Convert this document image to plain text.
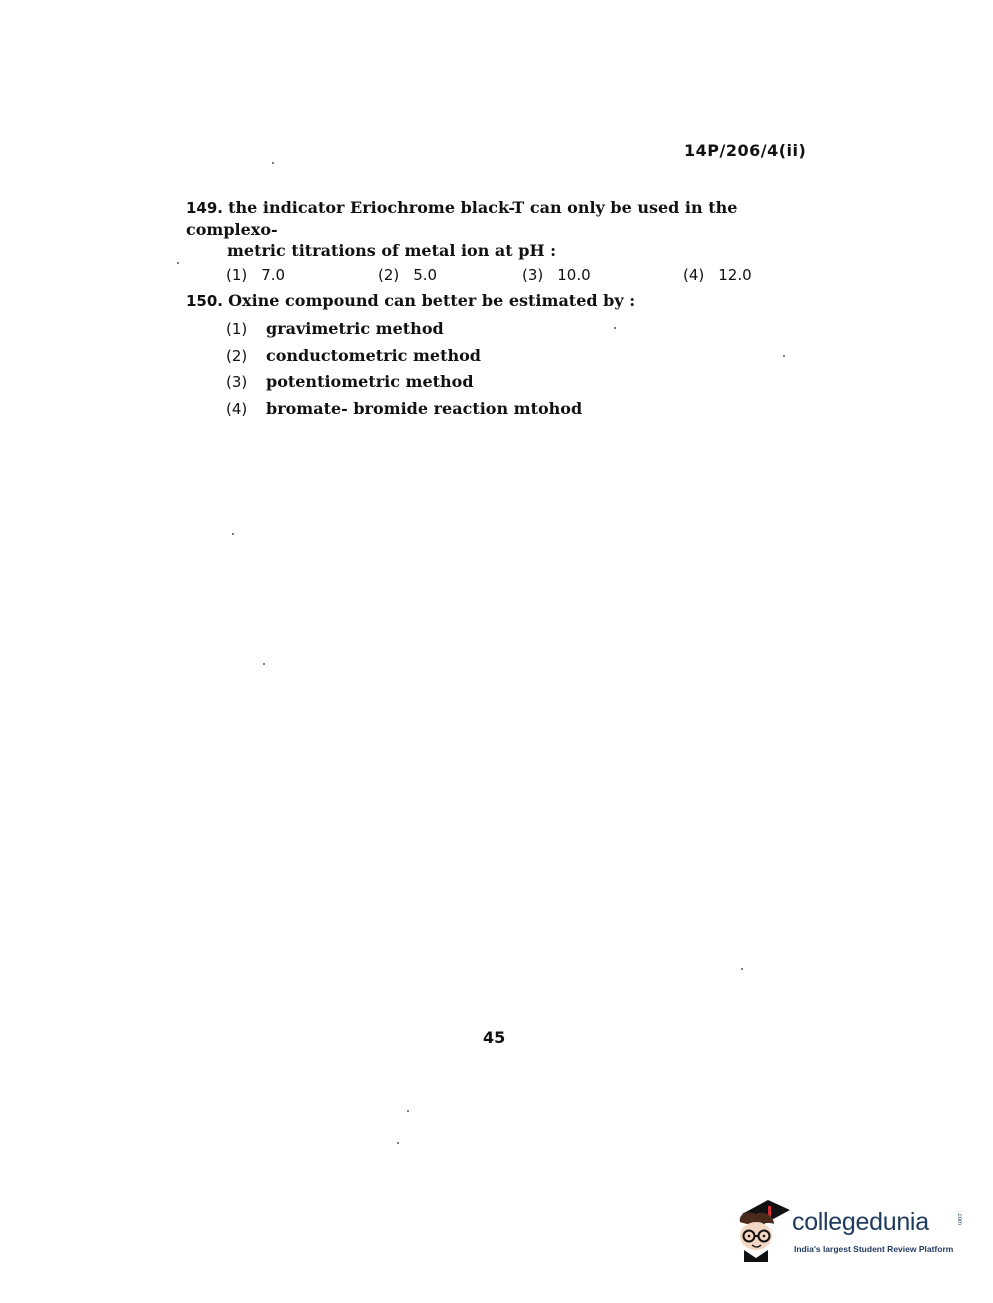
14P/206/4(ii)
149. the indicator Eriochrome black-T can only be used in the complexo-
metric titrations of metal ion at pH :
(1) 7.0	(2) 5.0	(3) 10.0	(4) 12.0
150. Oxine compound can better be estimated by :
(1) gravimetric method
(2) conductometric method
(3) potentiometric method
(4) bromate- bromide reaction mtohod
45
collegedunia	.com
India's largest Student Review Platform
